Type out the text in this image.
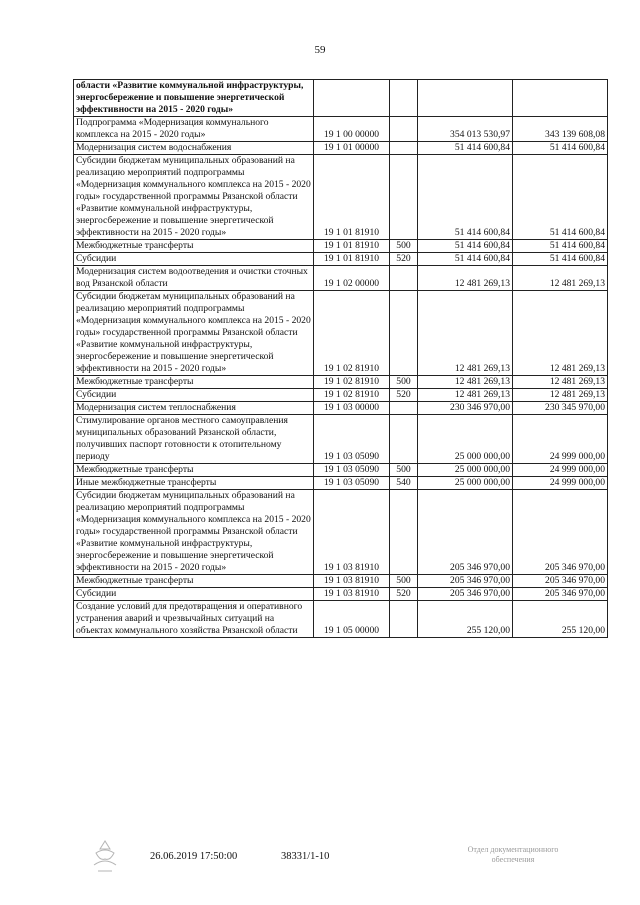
59
области «Развитие коммунальной инфраструктуры, энергосбережение и повышение энергетической эффективности на 2015 - 2020 годы»				
Подпрограмма «Модернизация коммунального комплекса на 2015 - 2020 годы»	19 1 00 00000		354 013 530,97	343 139 608,08
Модернизация систем водоснабжения	19 1 01 00000		51 414 600,84	51 414 600,84
Субсидии бюджетам муниципальных образований на реализацию мероприятий подпрограммы «Модернизация коммунального комплекса на 2015 - 2020 годы» государственной программы Рязанской области «Развитие коммунальной инфраструктуры, энергосбережение и повышение энергетической эффективности на 2015 - 2020 годы»	19 1 01 81910		51 414 600,84	51 414 600,84
Межбюджетные трансферты	19 1 01 81910	500	51 414 600,84	51 414 600,84
Субсидии	19 1 01 81910	520	51 414 600,84	51 414 600,84
Модернизация систем водоотведения и очистки сточных вод Рязанской области	19 1 02 00000		12 481 269,13	12 481 269,13
Субсидии бюджетам муниципальных образований на реализацию мероприятий подпрограммы «Модернизация коммунального комплекса на 2015 - 2020 годы» государственной программы Рязанской области «Развитие коммунальной инфраструктуры, энергосбережение и повышение энергетической эффективности на 2015 - 2020 годы»	19 1 02 81910		12 481 269,13	12 481 269,13
Межбюджетные трансферты	19 1 02 81910	500	12 481 269,13	12 481 269,13
Субсидии	19 1 02 81910	520	12 481 269,13	12 481 269,13
Модернизация систем теплоснабжения	19 1 03 00000		230 346 970,00	230 345 970,00
Стимулирование органов местного самоуправления муниципальных образований Рязанской области, получивших паспорт готовности к отопительному периоду	19 1 03 05090		25 000 000,00	24 999 000,00
Межбюджетные трансферты	19 1 03 05090	500	25 000 000,00	24 999 000,00
Иные межбюджетные трансферты	19 1 03 05090	540	25 000 000,00	24 999 000,00
Субсидии бюджетам муниципальных образований на реализацию мероприятий подпрограммы «Модернизация коммунального комплекса на 2015 - 2020 годы» государственной программы Рязанской области «Развитие коммунальной инфраструктуры, энергосбережение и повышение энергетической эффективности на 2015 - 2020 годы»	19 1 03 81910		205 346 970,00	205 346 970,00
Межбюджетные трансферты	19 1 03 81910	500	205 346 970,00	205 346 970,00
Субсидии	19 1 03 81910	520	205 346 970,00	205 346 970,00
Создание условий для предотвращения и оперативного устранения аварий и чрезвычайных ситуаций на объектах коммунального хозяйства Рязанской области	19 1 05 00000		255 120,00	255 120,00
26.06.2019 17:50:00	38331/1-10
Отдел документационного обеспечения
